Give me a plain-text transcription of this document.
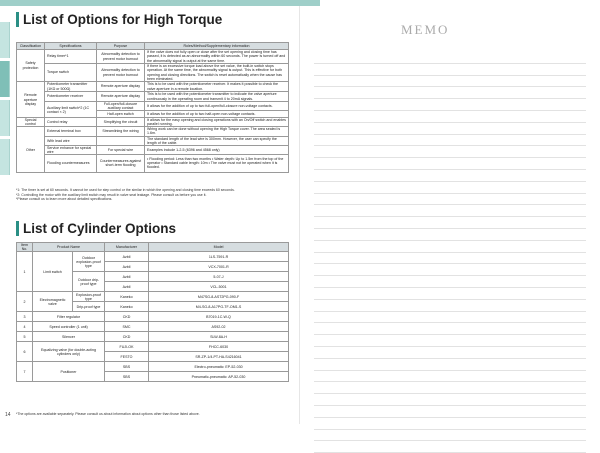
List of Options for High Torque
Classification	Specifications	Purpose	Roles/Method/Supplementary information
Safety protection	Relay timer*1	Abnormality detection to prevent motor burnout	If the valve does not fully open or close after the set opening and closing time has passed, it is detected as an abnormality within 60 seconds. The power is turned off and the abnormality signal is output at the same time.
	Torque switch	Abnormality detection to prevent motor burnout	If there is an excessive torque load above the set value, the built-in switch stops operation. At the same time, the abnormality signal is output. This is effective for both opening and closing directions. The switch is reset automatically when the cause has been eliminated.
Remote aperture display	Potentiometer transmitter (1KΩ or 500Ω)	Remote aperture display	This is to be used with the potentiometer receiver. It makes it possible to check the valve aperture in a remote location.
	Potentiometer receiver	Remote aperture display	This is to be used with the potentiometer transmitter to indicate the valve aperture continuously in the operating room and transmit 4 to 20mA signals.
	Auxiliary limit switch*2 (1C contact × 2)	Full-open/full-closure auxiliary contact	It allows for the addition of up to two full-open/full-closure non-voltage contacts.
		Half-open switch	It allows for the addition of up to two half-open non-voltage contacts.
Special control	Control relay	Simplifying the circuit	It allows for the easy opening and closing operations with an On/Off switch and enables parallel running.
Other	External terminal box	Streamlining the wiring	Wiring work can be done without opening the High Torque cover. The area sealed is 1.6m.
	With lead wire		The standard length of the lead wire is 300mm. However, the user can specify the length of the cable.
	Service enhance for special wire	For special wire	Examples include 1-2-5 (6396 and 4568 only)
	Flooding countermeasures	Countermeasures against short-term flooding	• Flooding period: Less than two months • Water depth: Up to 1.5m from the top of the operator • Standard cable length: 10m • The valve must not be operated when it is flooded.
*1: The timer is set at 60 seconds. It cannot be used for step control or the similar in which the opening and closing time exceeds 60 seconds.
*2: Controlling the motor with the auxiliary limit switch may result in valve seat leakage. Please consult us before you use it.
*Please consult us to learn more about detailed specifications.
List of Cylinder Options
Item No.	Product Name		Manufacturer	Model
1	Limit switch	Outdoor explosion-proof type	Azbil	1LS-7591-R
			Azbil	VCX-7001-R
		Outdoor drip-proof type	Azbil	5-07-J
			Azbil	VCL-5001
2	Electromagnetic valve	Explosion-proof type	Kaneko	M47SG-8-AST2PG-090-F
		Drip-proof type	Kaneko	M4-SG-8-A17PG-TF-OM1-S
3	Filter regulator		CKD	B7019-1C-W-Q
4	Speed controller (1 unit)		SMC	AS92-02
5	Silencer		CKD	SLW-8A-H
6	Equalizing valve (for double-acting cylinders only)		FUJI-OK	FHCC-6030
			FESTO	SR-ZP-1/4-PT-HA-S4216041
7	Positioner		SBS	Electro-pneumatic: EP-52-030
			SBS	Pneumatic-pneumatic: AP-52-030
*The options are available separately. Please consult us about information about options other than those listed above.
14
MEMO
